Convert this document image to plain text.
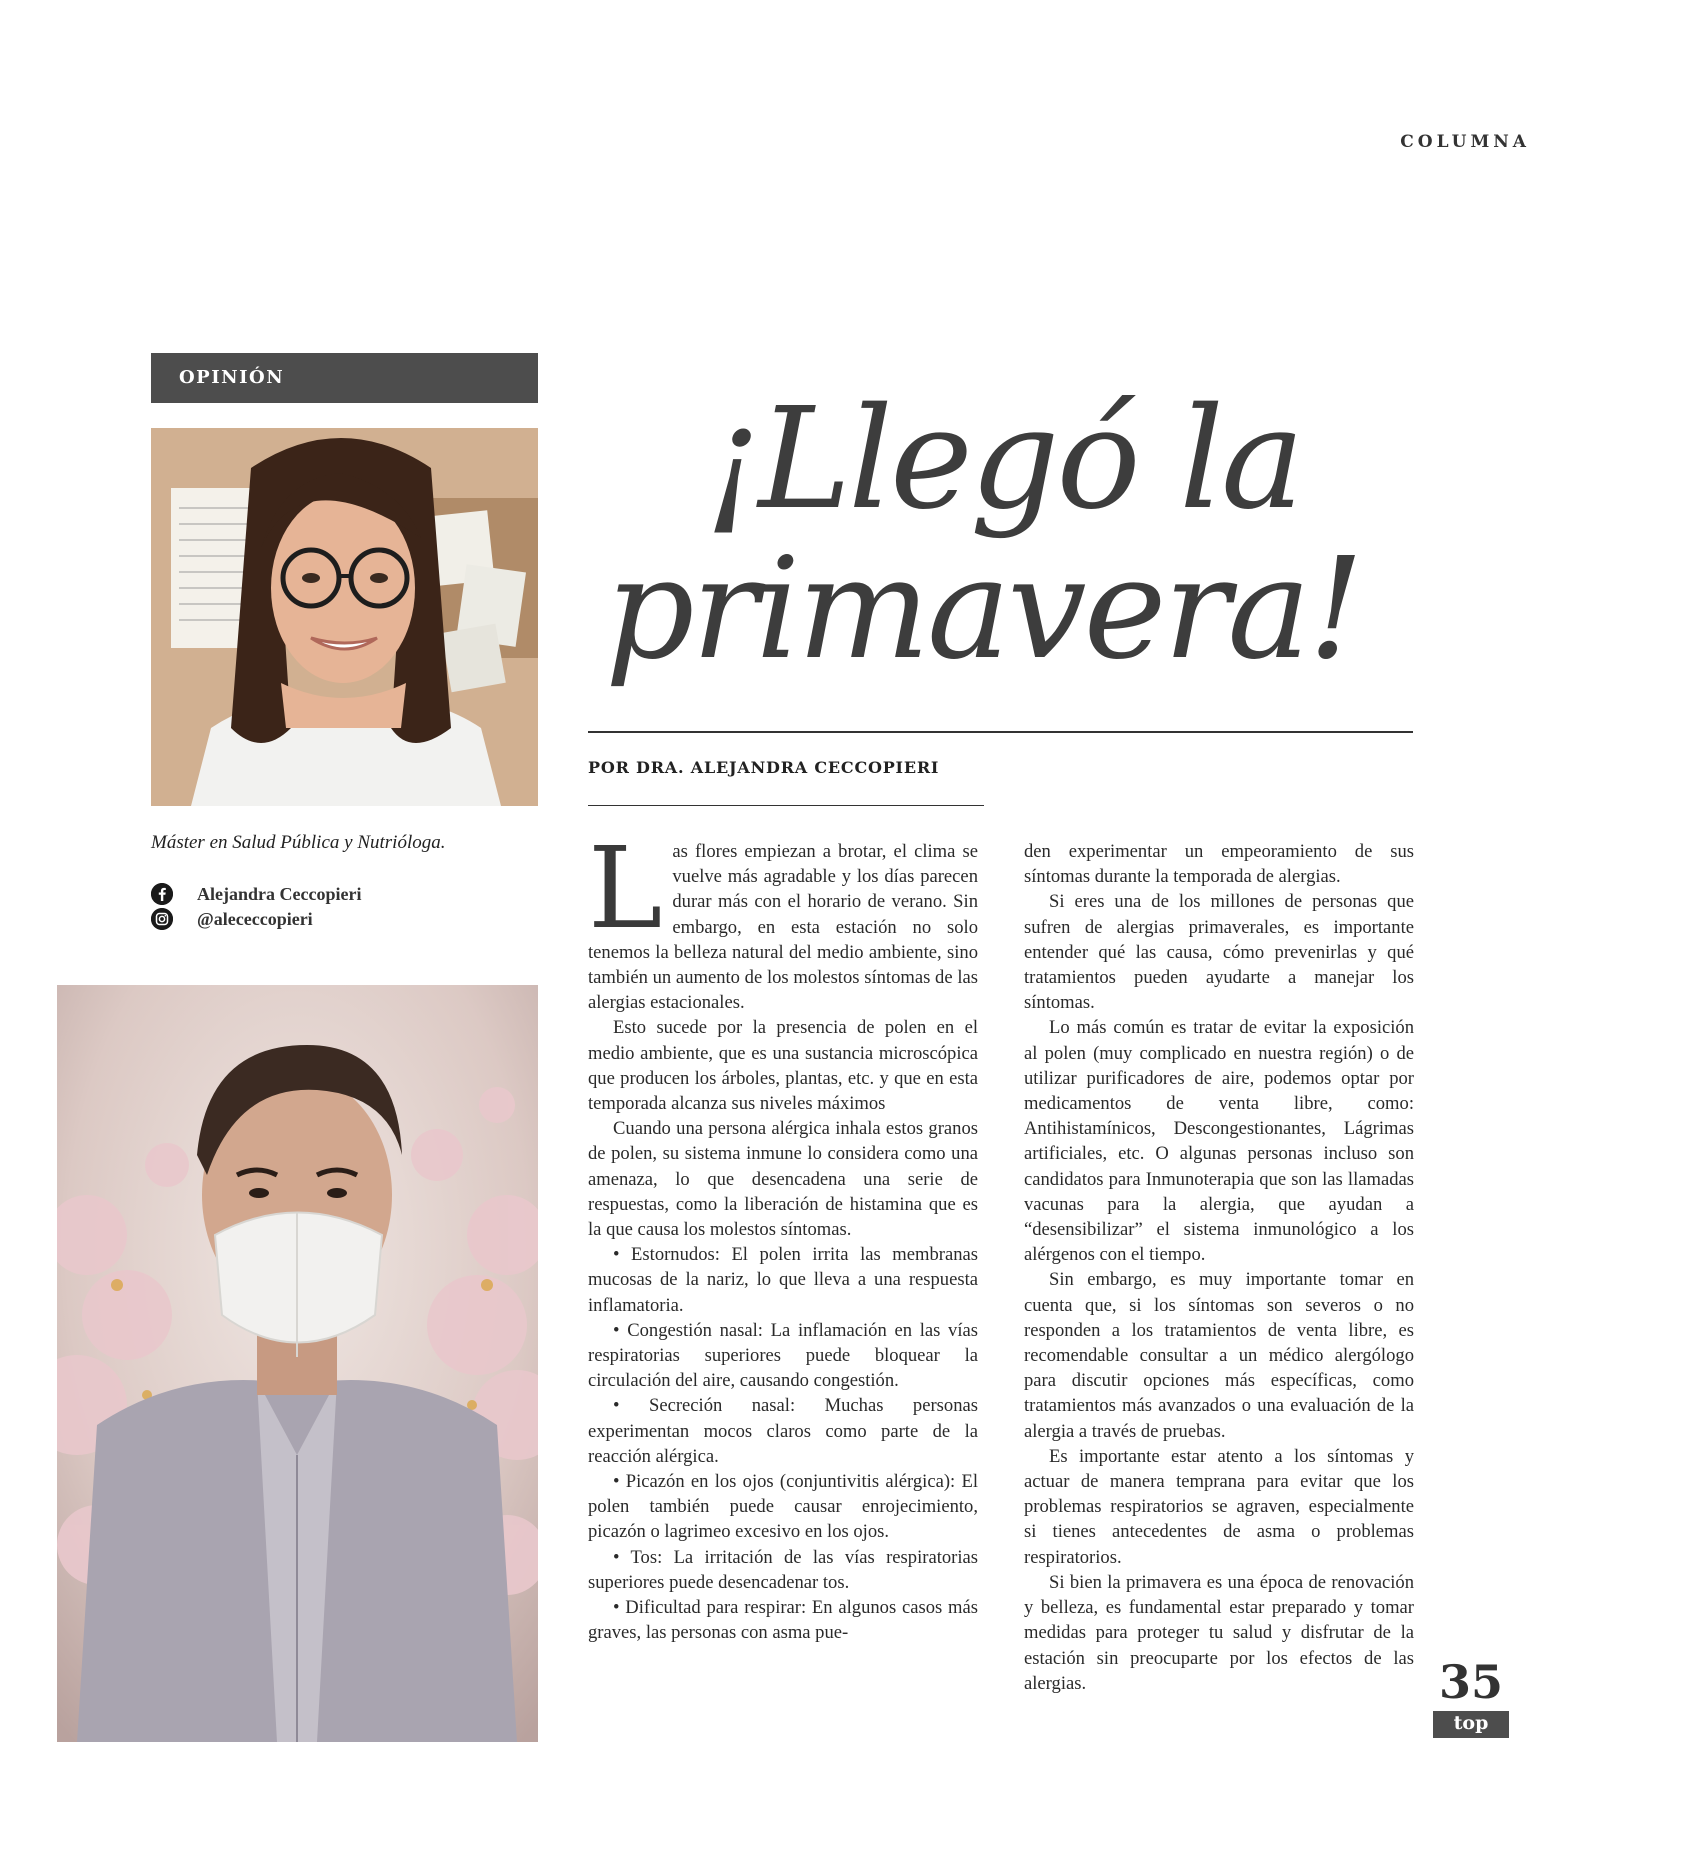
COLUMNA
OPINIÓN
Máster en Salud Pública y Nutrióloga.
Alejandra Ceccopieri
@alececcopieri
¡Llegó la
primavera!
POR DRA. ALEJANDRA CECCOPIERI

Las flores empiezan a brotar, el clima se vuelve más agradable y los días parecen durar más con el horario de verano. Sin embargo, en esta estación no solo tenemos la belleza natural del medio ambiente, sino también un aumento de los molestos síntomas de las alergias estacionales.

Esto sucede por la presencia de polen en el medio ambiente, que es una sustancia microscópica que producen los árboles, plantas, etc. y que en esta temporada alcanza sus niveles máximos

Cuando una persona alérgica inhala estos granos de polen, su sistema inmune lo considera como una amenaza, lo que desencadena una serie de respuestas, como la liberación de histamina que es la que causa los molestos síntomas.

• Estornudos: El polen irrita las membranas mucosas de la nariz, lo que lleva a una respuesta inflamatoria.

• Congestión nasal: La inflamación en las vías respiratorias superiores puede bloquear la circulación del aire, causando congestión.

• Secreción nasal: Muchas personas experimentan mocos claros como parte de la reacción alérgica.

• Picazón en los ojos (conjuntivitis alérgica): El polen también puede causar enrojecimiento, picazón o lagrimeo excesivo en los ojos.

• Tos: La irritación de las vías respiratorias superiores puede desencadenar tos.

• Dificultad para respirar: En algunos casos más graves, las personas con asma pue-

den experimentar un empeoramiento de sus síntomas durante la temporada de alergias.

Si eres una de los millones de personas que sufren de alergias primaverales, es importante entender qué las causa, cómo prevenirlas y qué tratamientos pueden ayudarte a manejar los síntomas.

Lo más común es tratar de evitar la exposición al polen (muy complicado en nuestra región) o de utilizar purificadores de aire, podemos optar por medicamentos de venta libre, como: Antihistamínicos, Descongestionantes, Lágrimas artificiales, etc. O algunas personas incluso son candidatos para Inmunoterapia que son las llamadas vacunas para la alergia, que ayudan a “desensibilizar” el sistema inmunológico a los alérgenos con el tiempo.

Sin embargo, es muy importante tomar en cuenta que, si los síntomas son severos o no responden a los tratamientos de venta libre, es recomendable consultar a un médico alergólogo para discutir opciones más específicas, como tratamientos más avanzados o una evaluación de la alergia a través de pruebas.

Es importante estar atento a los síntomas y actuar de manera temprana para evitar que los problemas respiratorios se agraven, especialmente si tienes antecedentes de asma o problemas respiratorios.

Si bien la primavera es una época de renovación y belleza, es fundamental estar preparado y tomar medidas para proteger tu salud y disfrutar de la estación sin preocuparte por los efectos de las alergias.	35
top
